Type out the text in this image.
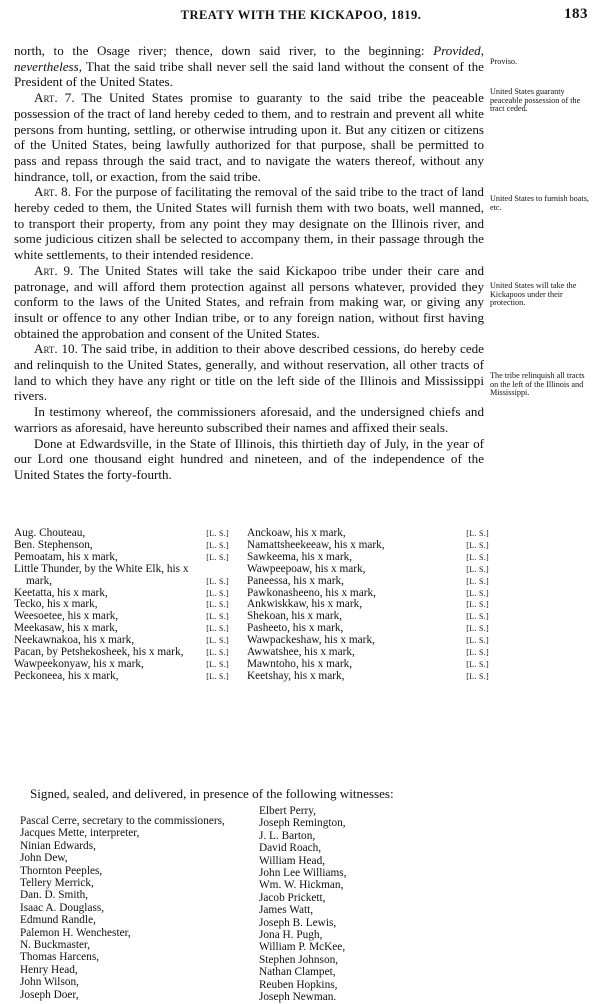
TREATY WITH THE KICKAPOO, 1819.	183

north, to the Osage river; thence, down said river, to the beginning: Provided, nevertheless, That the said tribe shall never sell the said land without the consent of the President of the United States.

Art. 7. The United States promise to guaranty to the said tribe the peaceable possession of the tract of land hereby ceded to them, and to restrain and prevent all white persons from hunting, settling, or otherwise intruding upon it. But any citizen or citizens of the United States, being lawfully authorized for that purpose, shall be permitted to pass and repass through the said tract, and to navigate the waters thereof, without any hindrance, toll, or exaction, from the said tribe.

Art. 8. For the purpose of facilitating the removal of the said tribe to the tract of land hereby ceded to them, the United States will furnish them with two boats, well manned, to transport their property, from any point they may designate on the Illinois river, and some judicious citizen shall be selected to accompany them, in their passage through the white settlements, to their intended residence.

Art. 9. The United States will take the said Kickapoo tribe under their care and patronage, and will afford them protection against all persons whatever, provided they conform to the laws of the United States, and refrain from making war, or giving any insult or offence to any other Indian tribe, or to any foreign nation, without first having obtained the approbation and consent of the United States.

Art. 10. The said tribe, in addition to their above described cessions, do hereby cede and relinquish to the United States, generally, and without reservation, all other tracts of land to which they have any right or title on the left side of the Illinois and Mississippi rivers.

In testimony whereof, the commissioners aforesaid, and the undersigned chiefs and warriors as aforesaid, have hereunto subscribed their names and affixed their seals.

Done at Edwardsville, in the State of Illinois, this thirtieth day of July, in the year of our Lord one thousand eight hundred and nineteen, and of the independence of the United States the forty-fourth.

Proviso.
United States guaranty peaceable possession of the tract ceded.
United States to furnish boats, etc.
United States will take the Kickapoos under their protection.
The tribe relinquish all tracts on the left of the Illinois and Mississippi.
Aug. Chouteau,	[L. S.]
Ben. Stephenson,	[L. S.]
Pemoatam, his x mark,	[L. S.]
Little Thunder, by the White Elk, his x mark,	[L. S.]
Keetatta, his x mark,	[L. S.]
Tecko, his x mark,	[L. S.]
Weesoetee, his x mark,	[L. S.]
Meekasaw, his x mark,	[L. S.]
Neekawnakoa, his x mark,	[L. S.]
Pacan, by Petshekosheek, his x mark,	[L. S.]
Wawpeekonyaw, his x mark,	[L. S.]
Peckoneea, his x mark,	[L. S.]
Anckoaw, his x mark,	[L. S.]
Namattsheekeeaw, his x mark,	[L. S.]
Sawkeema, his x mark,	[L. S.]
Wawpeepoaw, his x mark,	[L. S.]
Paneessa, his x mark,	[L. S.]
Pawkonasheeno, his x mark,	[L. S.]
Ankwiskkaw, his x mark,	[L. S.]
Shekoan, his x mark,	[L. S.]
Pasheeto, his x mark,	[L. S.]
Wawpackeshaw, his x mark,	[L. S.]
Awwatshee, his x mark,	[L. S.]
Mawntoho, his x mark,	[L. S.]
Keetshay, his x mark,	[L. S.]
Signed, sealed, and delivered, in presence of the following witnesses:
Pascal Cerre, secretary to the commissioners,
Jacques Mette, interpreter,
Ninian Edwards,
John Dew,
Thornton Peeples,
Tellery Merrick,
Dan. D. Smith,
Isaac A. Douglass,
Edmund Randle,
Palemon H. Wenchester,
N. Buckmaster,
Thomas Harcens,
Henry Head,
John Wilson,
Joseph Doer,
Elbert Perry,
Joseph Remington,
J. L. Barton,
David Roach,
William Head,
John Lee Williams,
Wm. W. Hickman,
Jacob Prickett,
James Watt,
Joseph B. Lewis,
Jona H. Pugh,
William P. McKee,
Stephen Johnson,
Nathan Clampet,
Reuben Hopkins,
Joseph Newman.
